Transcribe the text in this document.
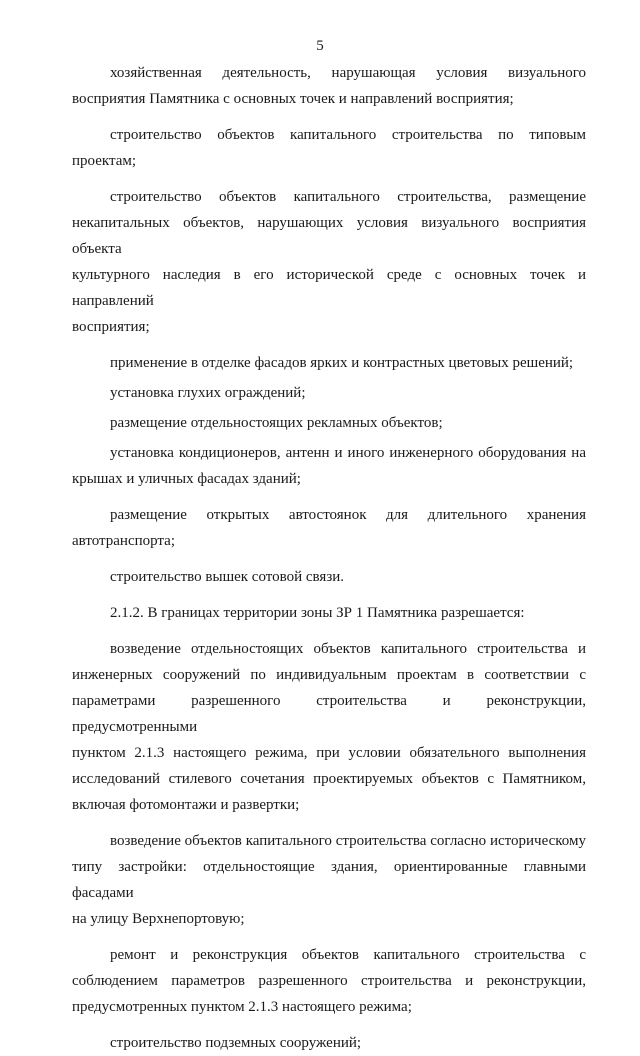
5

хозяйственная деятельность, нарушающая условия визуального
восприятия Памятника с основных точек и направлений восприятия;

строительство объектов капитального строительства по типовым
проектам;

строительство объектов капитального строительства, размещение
некапитальных объектов, нарушающих условия визуального восприятия объекта
культурного наследия в его исторической среде с основных точек и направлений
восприятия;

применение в отделке фасадов ярких и контрастных цветовых решений;

установка глухих ограждений;

размещение отдельностоящих рекламных объектов;

установка кондиционеров, антенн и иного инженерного оборудования на
крышах и уличных фасадах зданий;

размещение открытых автостоянок для длительного хранения
автотранспорта;

строительство вышек сотовой связи.

2.1.2. В границах территории зоны ЗР 1 Памятника разрешается:

возведение отдельностоящих объектов капитального строительства и
инженерных сооружений по индивидуальным проектам в соответствии с
параметрами разрешенного строительства и реконструкции, предусмотренными
пунктом 2.1.3 настоящего режима, при условии обязательного выполнения
исследований стилевого сочетания проектируемых объектов с Памятником,
включая фотомонтажи и развертки;

возведение объектов капитального строительства согласно историческому
типу застройки: отдельностоящие здания, ориентированные главными фасадами
на улицу Верхнепортовую;

ремонт и реконструкция объектов капитального строительства с
соблюдением параметров разрешенного строительства и реконструкции,
предусмотренных пунктом 2.1.3 настоящего режима;

строительство подземных сооружений;
